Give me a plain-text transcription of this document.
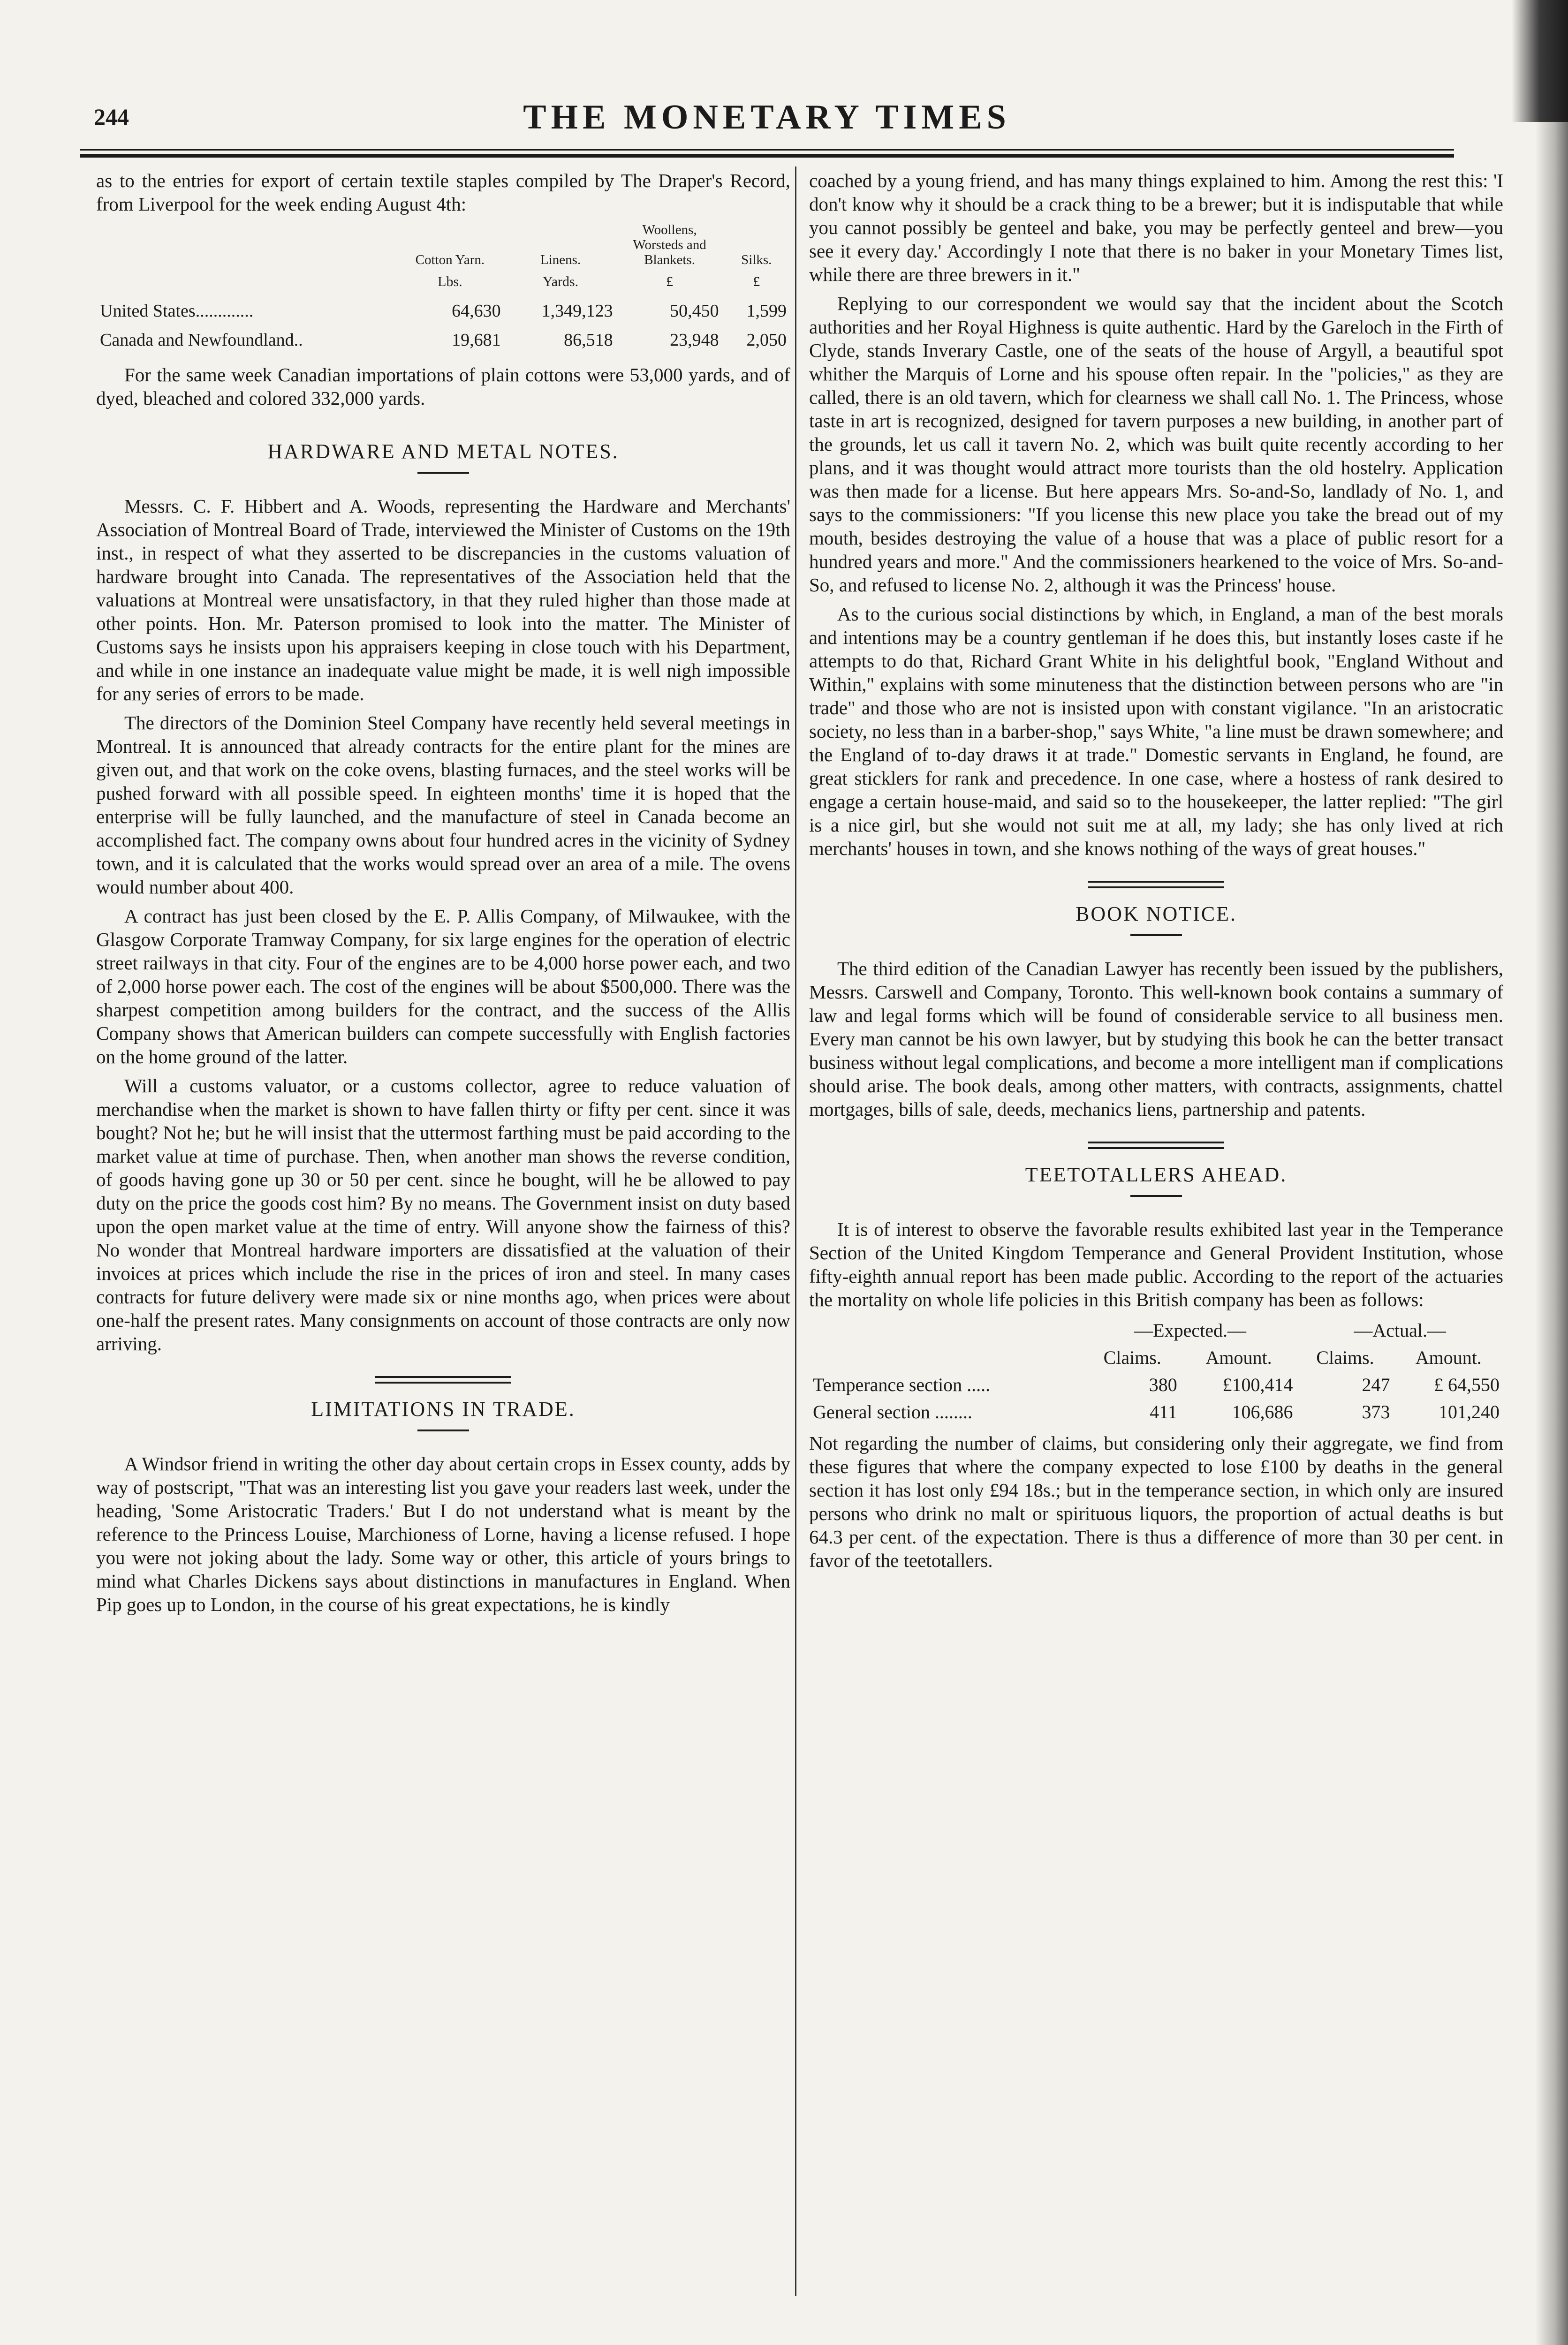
244	THE MONETARY TIMES

as to the entries for export of certain textile staples compiled by The Draper's Record, from Liverpool for the week ending August 4th:

	Cotton Yarn.	Linens.	Woollens, Worsteds and Blankets.	Silks.
	Lbs.	Yards.	£	£
United States.............	64,630	1,349,123	50,450	1,599
Canada and Newfoundland..	19,681	86,518	23,948	2,050

For the same week Canadian importations of plain cottons were 53,000 yards, and of dyed, bleached and colored 332,000 yards.

HARDWARE AND METAL NOTES.

Messrs. C. F. Hibbert and A. Woods, representing the Hardware and Merchants' Association of Montreal Board of Trade, interviewed the Minister of Customs on the 19th inst., in respect of what they asserted to be discrepancies in the customs valuation of hardware brought into Canada. The representatives of the Association held that the valuations at Montreal were unsatisfactory, in that they ruled higher than those made at other points. Hon. Mr. Paterson promised to look into the matter. The Minister of Customs says he insists upon his appraisers keeping in close touch with his Department, and while in one instance an inadequate value might be made, it is well nigh impossible for any series of errors to be made.

The directors of the Dominion Steel Company have recently held several meetings in Montreal. It is announced that already contracts for the entire plant for the mines are given out, and that work on the coke ovens, blasting furnaces, and the steel works will be pushed forward with all possible speed. In eighteen months' time it is hoped that the enterprise will be fully launched, and the manufacture of steel in Canada become an accomplished fact. The company owns about four hundred acres in the vicinity of Sydney town, and it is calculated that the works would spread over an area of a mile. The ovens would number about 400.

A contract has just been closed by the E. P. Allis Company, of Milwaukee, with the Glasgow Corporate Tramway Company, for six large engines for the operation of electric street railways in that city. Four of the engines are to be 4,000 horse power each, and two of 2,000 horse power each. The cost of the engines will be about $500,000. There was the sharpest competition among builders for the contract, and the success of the Allis Company shows that American builders can compete successfully with English factories on the home ground of the latter.

Will a customs valuator, or a customs collector, agree to reduce valuation of merchandise when the market is shown to have fallen thirty or fifty per cent. since it was bought? Not he; but he will insist that the uttermost farthing must be paid according to the market value at time of purchase. Then, when another man shows the reverse condition, of goods having gone up 30 or 50 per cent. since he bought, will he be allowed to pay duty on the price the goods cost him? By no means. The Government insist on duty based upon the open market value at the time of entry. Will anyone show the fairness of this? No wonder that Montreal hardware importers are dissatisfied at the valuation of their invoices at prices which include the rise in the prices of iron and steel. In many cases contracts for future delivery were made six or nine months ago, when prices were about one-half the present rates. Many consignments on account of those contracts are only now arriving.

LIMITATIONS IN TRADE.

A Windsor friend in writing the other day about certain crops in Essex county, adds by way of postscript, "That was an interesting list you gave your readers last week, under the heading, 'Some Aristocratic Traders.' But I do not understand what is meant by the reference to the Princess Louise, Marchioness of Lorne, having a license refused. I hope you were not joking about the lady. Some way or other, this article of yours brings to mind what Charles Dickens says about distinctions in manufactures in England. When Pip goes up to London, in the course of his great expectations, he is kindly

coached by a young friend, and has many things explained to him. Among the rest this: 'I don't know why it should be a crack thing to be a brewer; but it is indisputable that while you cannot possibly be genteel and bake, you may be perfectly genteel and brew—you see it every day.' Accordingly I note that there is no baker in your Monetary Times list, while there are three brewers in it."

Replying to our correspondent we would say that the incident about the Scotch authorities and her Royal Highness is quite authentic. Hard by the Gareloch in the Firth of Clyde, stands Inverary Castle, one of the seats of the house of Argyll, a beautiful spot whither the Marquis of Lorne and his spouse often repair. In the "policies," as they are called, there is an old tavern, which for clearness we shall call No. 1. The Princess, whose taste in art is recognized, designed for tavern purposes a new building, in another part of the grounds, let us call it tavern No. 2, which was built quite recently according to her plans, and it was thought would attract more tourists than the old hostelry. Application was then made for a license. But here appears Mrs. So-and-So, landlady of No. 1, and says to the commissioners: "If you license this new place you take the bread out of my mouth, besides destroying the value of a house that was a place of public resort for a hundred years and more." And the commissioners hearkened to the voice of Mrs. So-and-So, and refused to license No. 2, although it was the Princess' house.

As to the curious social distinctions by which, in England, a man of the best morals and intentions may be a country gentleman if he does this, but instantly loses caste if he attempts to do that, Richard Grant White in his delightful book, "England Without and Within," explains with some minuteness that the distinction between persons who are "in trade" and those who are not is insisted upon with constant vigilance. "In an aristocratic society, no less than in a barber-shop," says White, "a line must be drawn somewhere; and the England of to-day draws it at trade." Domestic servants in England, he found, are great sticklers for rank and precedence. In one case, where a hostess of rank desired to engage a certain house-maid, and said so to the housekeeper, the latter replied: "The girl is a nice girl, but she would not suit me at all, my lady; she has only lived at rich merchants' houses in town, and she knows nothing of the ways of great houses."

BOOK NOTICE.

The third edition of the Canadian Lawyer has recently been issued by the publishers, Messrs. Carswell and Company, Toronto. This well-known book contains a summary of law and legal forms which will be found of considerable service to all business men. Every man cannot be his own lawyer, but by studying this book he can the better transact business without legal complications, and become a more intelligent man if complications should arise. The book deals, among other matters, with contracts, assignments, chattel mortgages, bills of sale, deeds, mechanics liens, partnership and patents.

TEETOTALLERS AHEAD.

It is of interest to observe the favorable results exhibited last year in the Temperance Section of the United Kingdom Temperance and General Provident Institution, whose fifty-eighth annual report has been made public. According to the report of the actuaries the mortality on whole life policies in this British company has been as follows:

	—Expected.—		—Actual.—	
	Claims.	Amount.	Claims.	Amount.
Temperance section .....	380	£100,414	247	£ 64,550
General section ........	411	106,686	373	101,240

Not regarding the number of claims, but considering only their aggregate, we find from these figures that where the company expected to lose £100 by deaths in the general section it has lost only £94 18s.; but in the temperance section, in which only are insured persons who drink no malt or spirituous liquors, the proportion of actual deaths is but 64.3 per cent. of the expectation. There is thus a difference of more than 30 per cent. in favor of the teetotallers.
